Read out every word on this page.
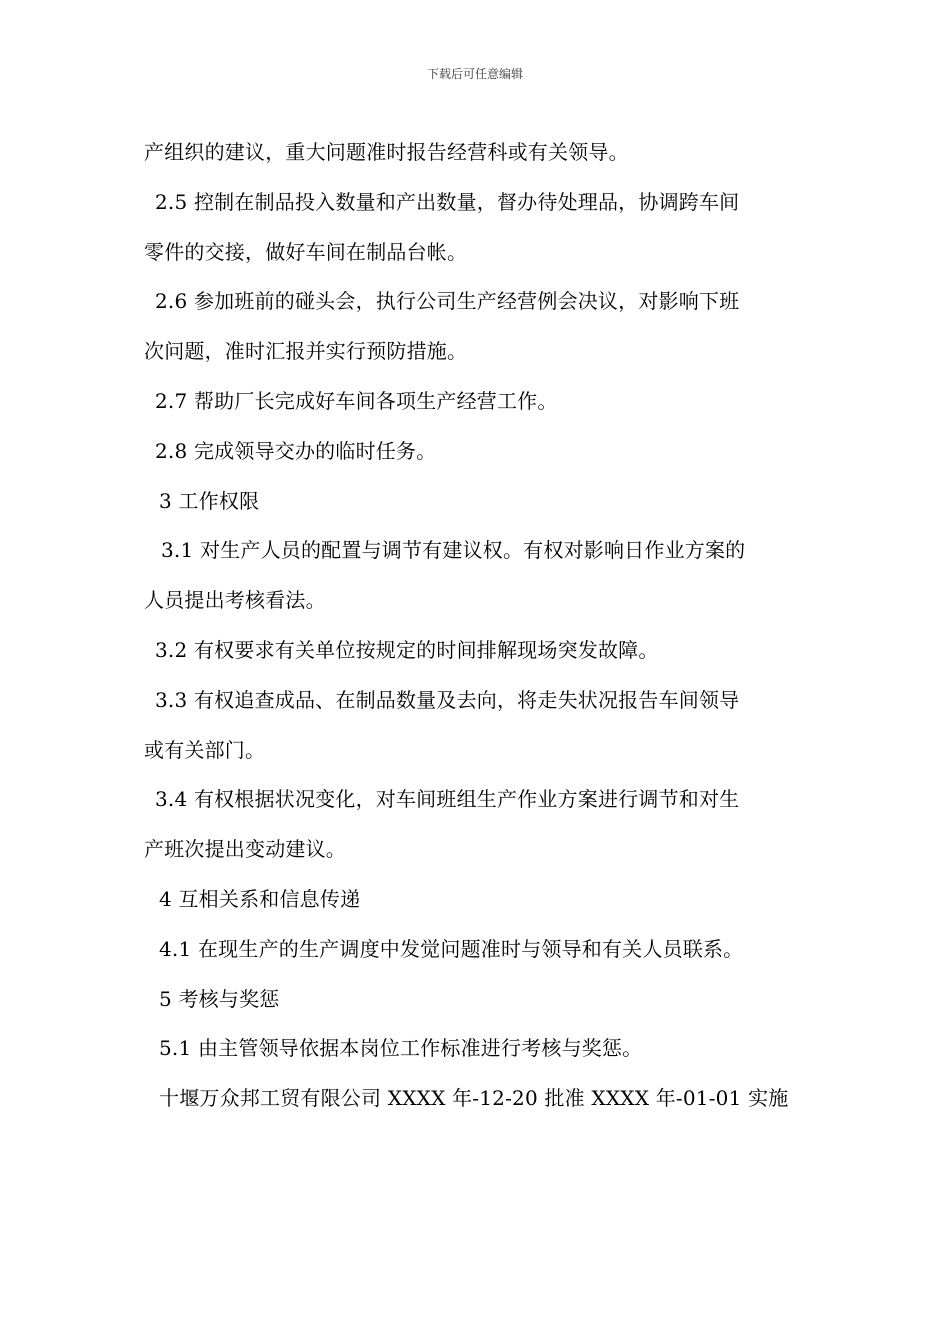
下载后可任意编辑
产组织的建议，重大问题准时报告经营科或有关领导。
2.5 控制在制品投入数量和产出数量，督办待处理品，协调跨车间
零件的交接，做好车间在制品台帐。
2.6 参加班前的碰头会，执行公司生产经营例会决议，对影响下班
次问题，准时汇报并实行预防措施。
2.7 帮助厂长完成好车间各项生产经营工作。
2.8 完成领导交办的临时任务。
3 工作权限
3.1 对生产人员的配置与调节有建议权。有权对影响日作业方案的
人员提出考核看法。
3.2 有权要求有关单位按规定的时间排解现场突发故障。
3.3 有权追查成品、在制品数量及去向，将走失状况报告车间领导
或有关部门。
3.4 有权根据状况变化，对车间班组生产作业方案进行调节和对生
产班次提出变动建议。
4 互相关系和信息传递
4.1 在现生产的生产调度中发觉问题准时与领导和有关人员联系。
5 考核与奖惩
5.1 由主管领导依据本岗位工作标准进行考核与奖惩。
十堰万众邦工贸有限公司 XXXX 年-12-20 批准 XXXX 年-01-01 实施
